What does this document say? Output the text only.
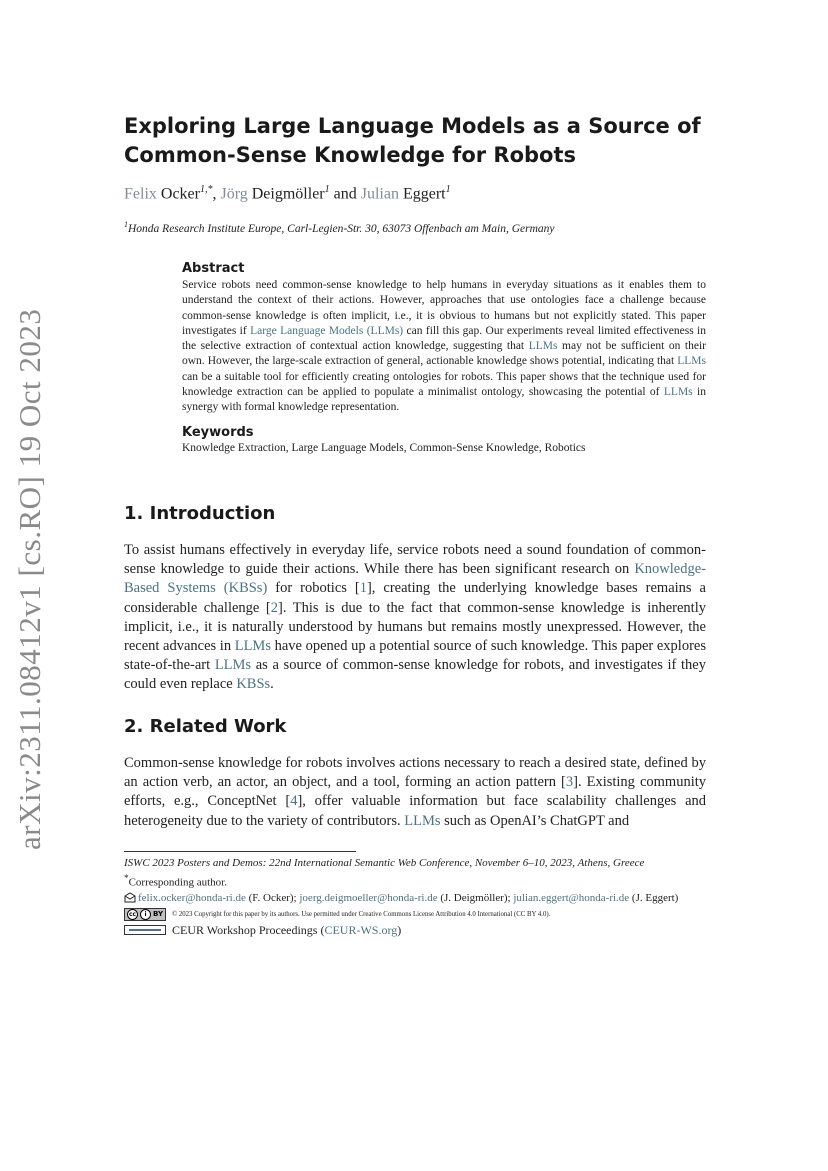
arXiv:2311.08412v1 [cs.RO] 19 Oct 2023
Exploring Large Language Models as a Source of Common-Sense Knowledge for Robots
Felix Ocker$^{1,*}$, Jörg Deigmöller$^1$ and Julian Eggert$^1$
$^1$Honda Research Institute Europe, Carl-Legien-Str. 30, 63073 Offenbach am Main, Germany

Abstract

Service robots need common-sense knowledge to help humans in everyday situations as it enables them to understand the context of their actions. However, approaches that use ontologies face a challenge because common-sense knowledge is often implicit, i.e., it is obvious to humans but not explicitly stated. This paper investigates if Large Language Models (LLMs) can fill this gap. Our experiments reveal limited effectiveness in the selective extraction of contextual action knowledge, suggesting that LLMs may not be sufficient on their own. However, the large-scale extraction of general, actionable knowledge shows potential, indicating that LLMs can be a suitable tool for efficiently creating ontologies for robots. This paper shows that the technique used for knowledge extraction can be applied to populate a minimalist ontology, showcasing the potential of LLMs in synergy with formal knowledge representation.

Keywords

Knowledge Extraction, Large Language Models, Common-Sense Knowledge, Robotics

1. Introduction

To assist humans effectively in everyday life, service robots need a sound foundation of common-sense knowledge to guide their actions. While there has been significant research on Knowledge-Based Systems (KBSs) for robotics [1], creating the underlying knowledge bases remains a considerable challenge [2]. This is due to the fact that common-sense knowledge is inherently implicit, i.e., it is naturally understood by humans but remains mostly unexpressed. However, the recent advances in LLMs have opened up a potential source of such knowledge. This paper explores state-of-the-art LLMs as a source of common-sense knowledge for robots, and investigates if they could even replace KBSs.

2. Related Work

Common-sense knowledge for robots involves actions necessary to reach a desired state, defined by an action verb, an actor, an object, and a tool, forming an action pattern [3]. Existing community efforts, e.g., ConceptNet [4], offer valuable information but face scalability challenges and heterogeneity due to the variety of contributors. LLMs such as OpenAI’s ChatGPT and

ISWC 2023 Posters and Demos: 22nd International Semantic Web Conference, November 6–10, 2023, Athens, Greece

*Corresponding author.

felix.ocker@honda-ri.de (F. Ocker); joerg.deigmoeller@honda-ri.de (J. Deigmöller); julian.eggert@honda-ri.de (J. Eggert)

cc	i BY © 2023 Copyright for this paper by its authors. Use permitted under Creative Commons License Attribution 4.0 International (CC BY 4.0).
CEUR Workshop Proceedings (CEUR-WS.org)
